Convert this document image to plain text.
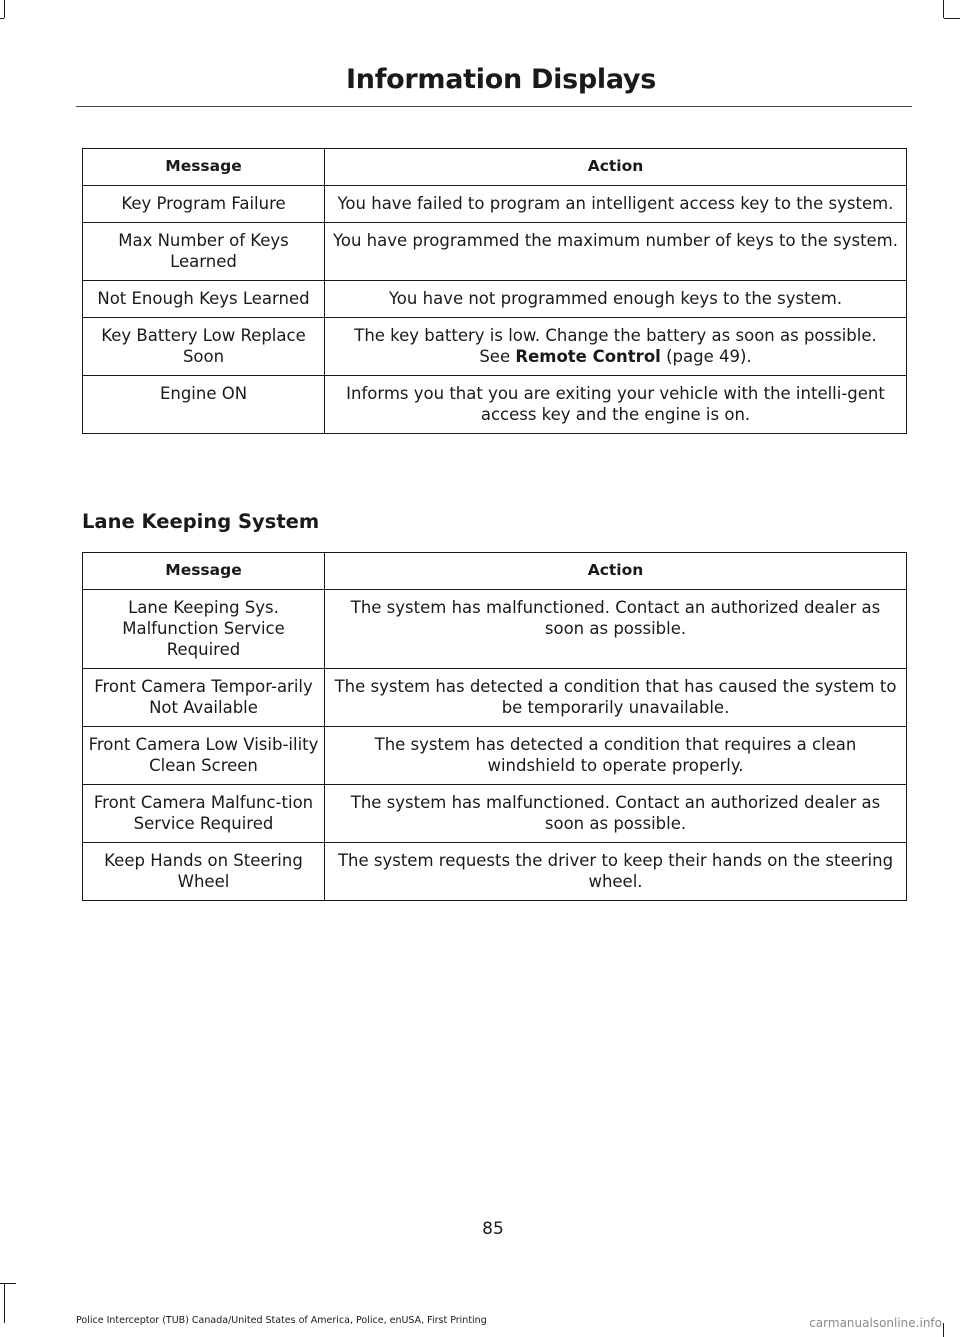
Information Displays
Message	Action
Key Program Failure	You have failed to program an intelligent access key to the system.
Max Number of Keys Learned	You have programmed the maximum number of keys to the system.
Not Enough Keys Learned	You have not programmed enough keys to the system.
Key Battery Low Replace Soon	The key battery is low. Change the battery as soon as possible.
See Remote Control (page 49).
Engine ON	Informs you that you are exiting your vehicle with the intelli-gent access key and the engine is on.
Lane Keeping System
Message	Action
Lane Keeping Sys. Malfunction Service Required	The system has malfunctioned. Contact an authorized dealer as soon as possible.
Front Camera Tempor-arily Not Available	The system has detected a condition that has caused the system to be temporarily unavailable.
Front Camera Low Visib-ility Clean Screen	The system has detected a condition that requires a clean windshield to operate properly.
Front Camera Malfunc-tion Service Required	The system has malfunctioned. Contact an authorized dealer as soon as possible.
Keep Hands on Steering Wheel	The system requests the driver to keep their hands on the steering wheel.
85
Police Interceptor (TUB) Canada/United States of America, Police, enUSA, First Printing	carmanualsonline.info
